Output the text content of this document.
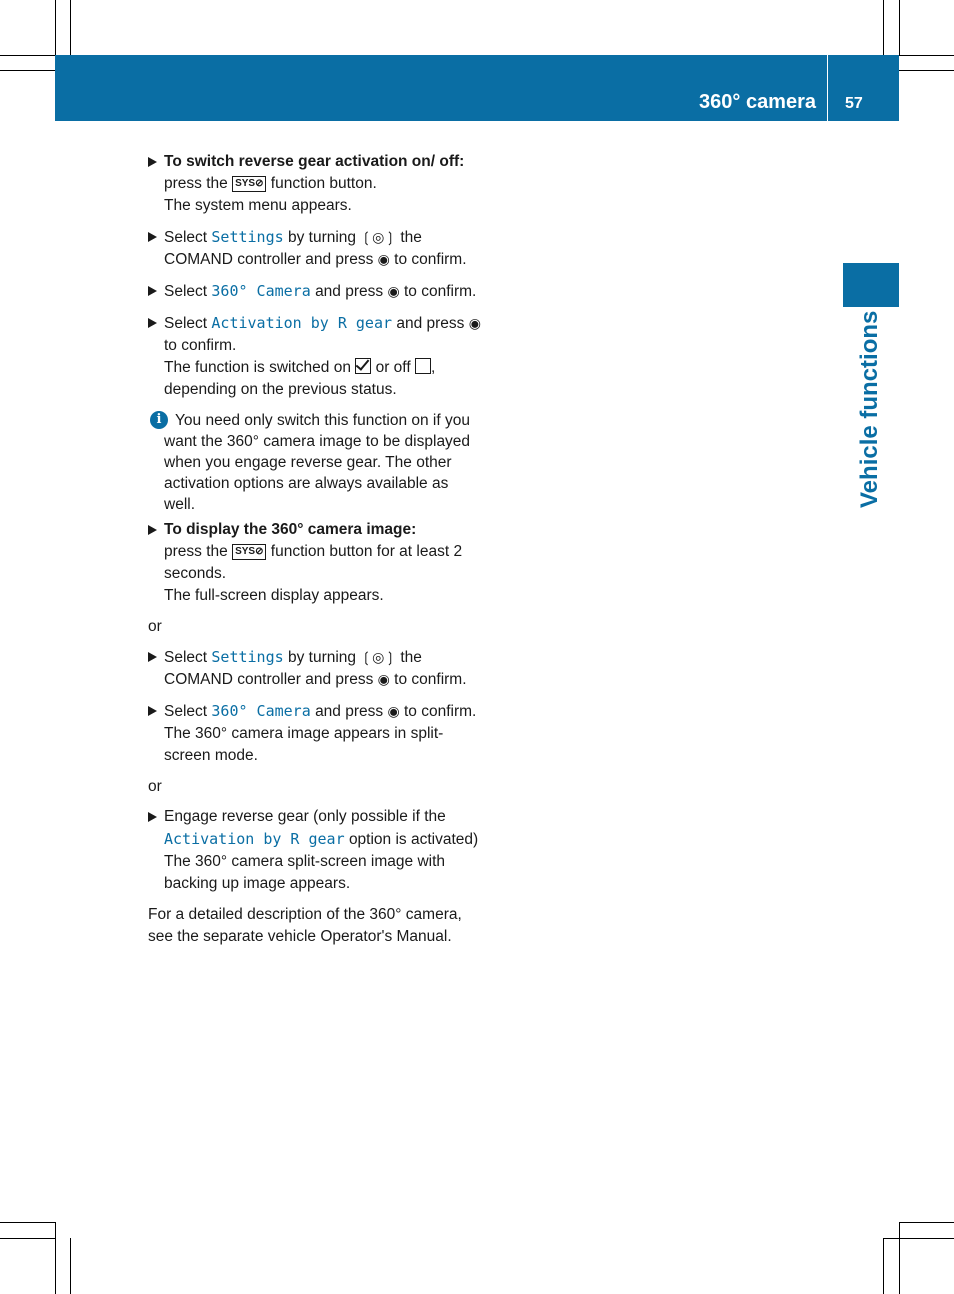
360° camera 57
Vehicle functions
To switch reverse gear activation on/ off: press the SYS⊘ function button.
The system menu appears.
Select Settings by turning ❲◎❳ the COMAND controller and press ◉ to confirm.
Select 360° Camera and press ◉ to confirm.
Select Activation by R gear and press ◉ to confirm.
The function is switched on or off , depending on the previous status.
i You need only switch this function on if you want the 360° camera image to be displayed when you engage reverse gear. The other activation options are always available as well.
To display the 360° camera image:
press the SYS⊘ function button for at least 2 seconds.
The full-screen display appears.
or
Select Settings by turning ❲◎❳ the COMAND controller and press ◉ to confirm.
Select 360° Camera and press ◉ to confirm.
The 360° camera image appears in split-screen mode.
or
Engage reverse gear (only possible if the Activation by R gear option is activated)
The 360° camera split-screen image with backing up image appears.
For a detailed description of the 360° camera, see the separate vehicle Operator's Manual.
